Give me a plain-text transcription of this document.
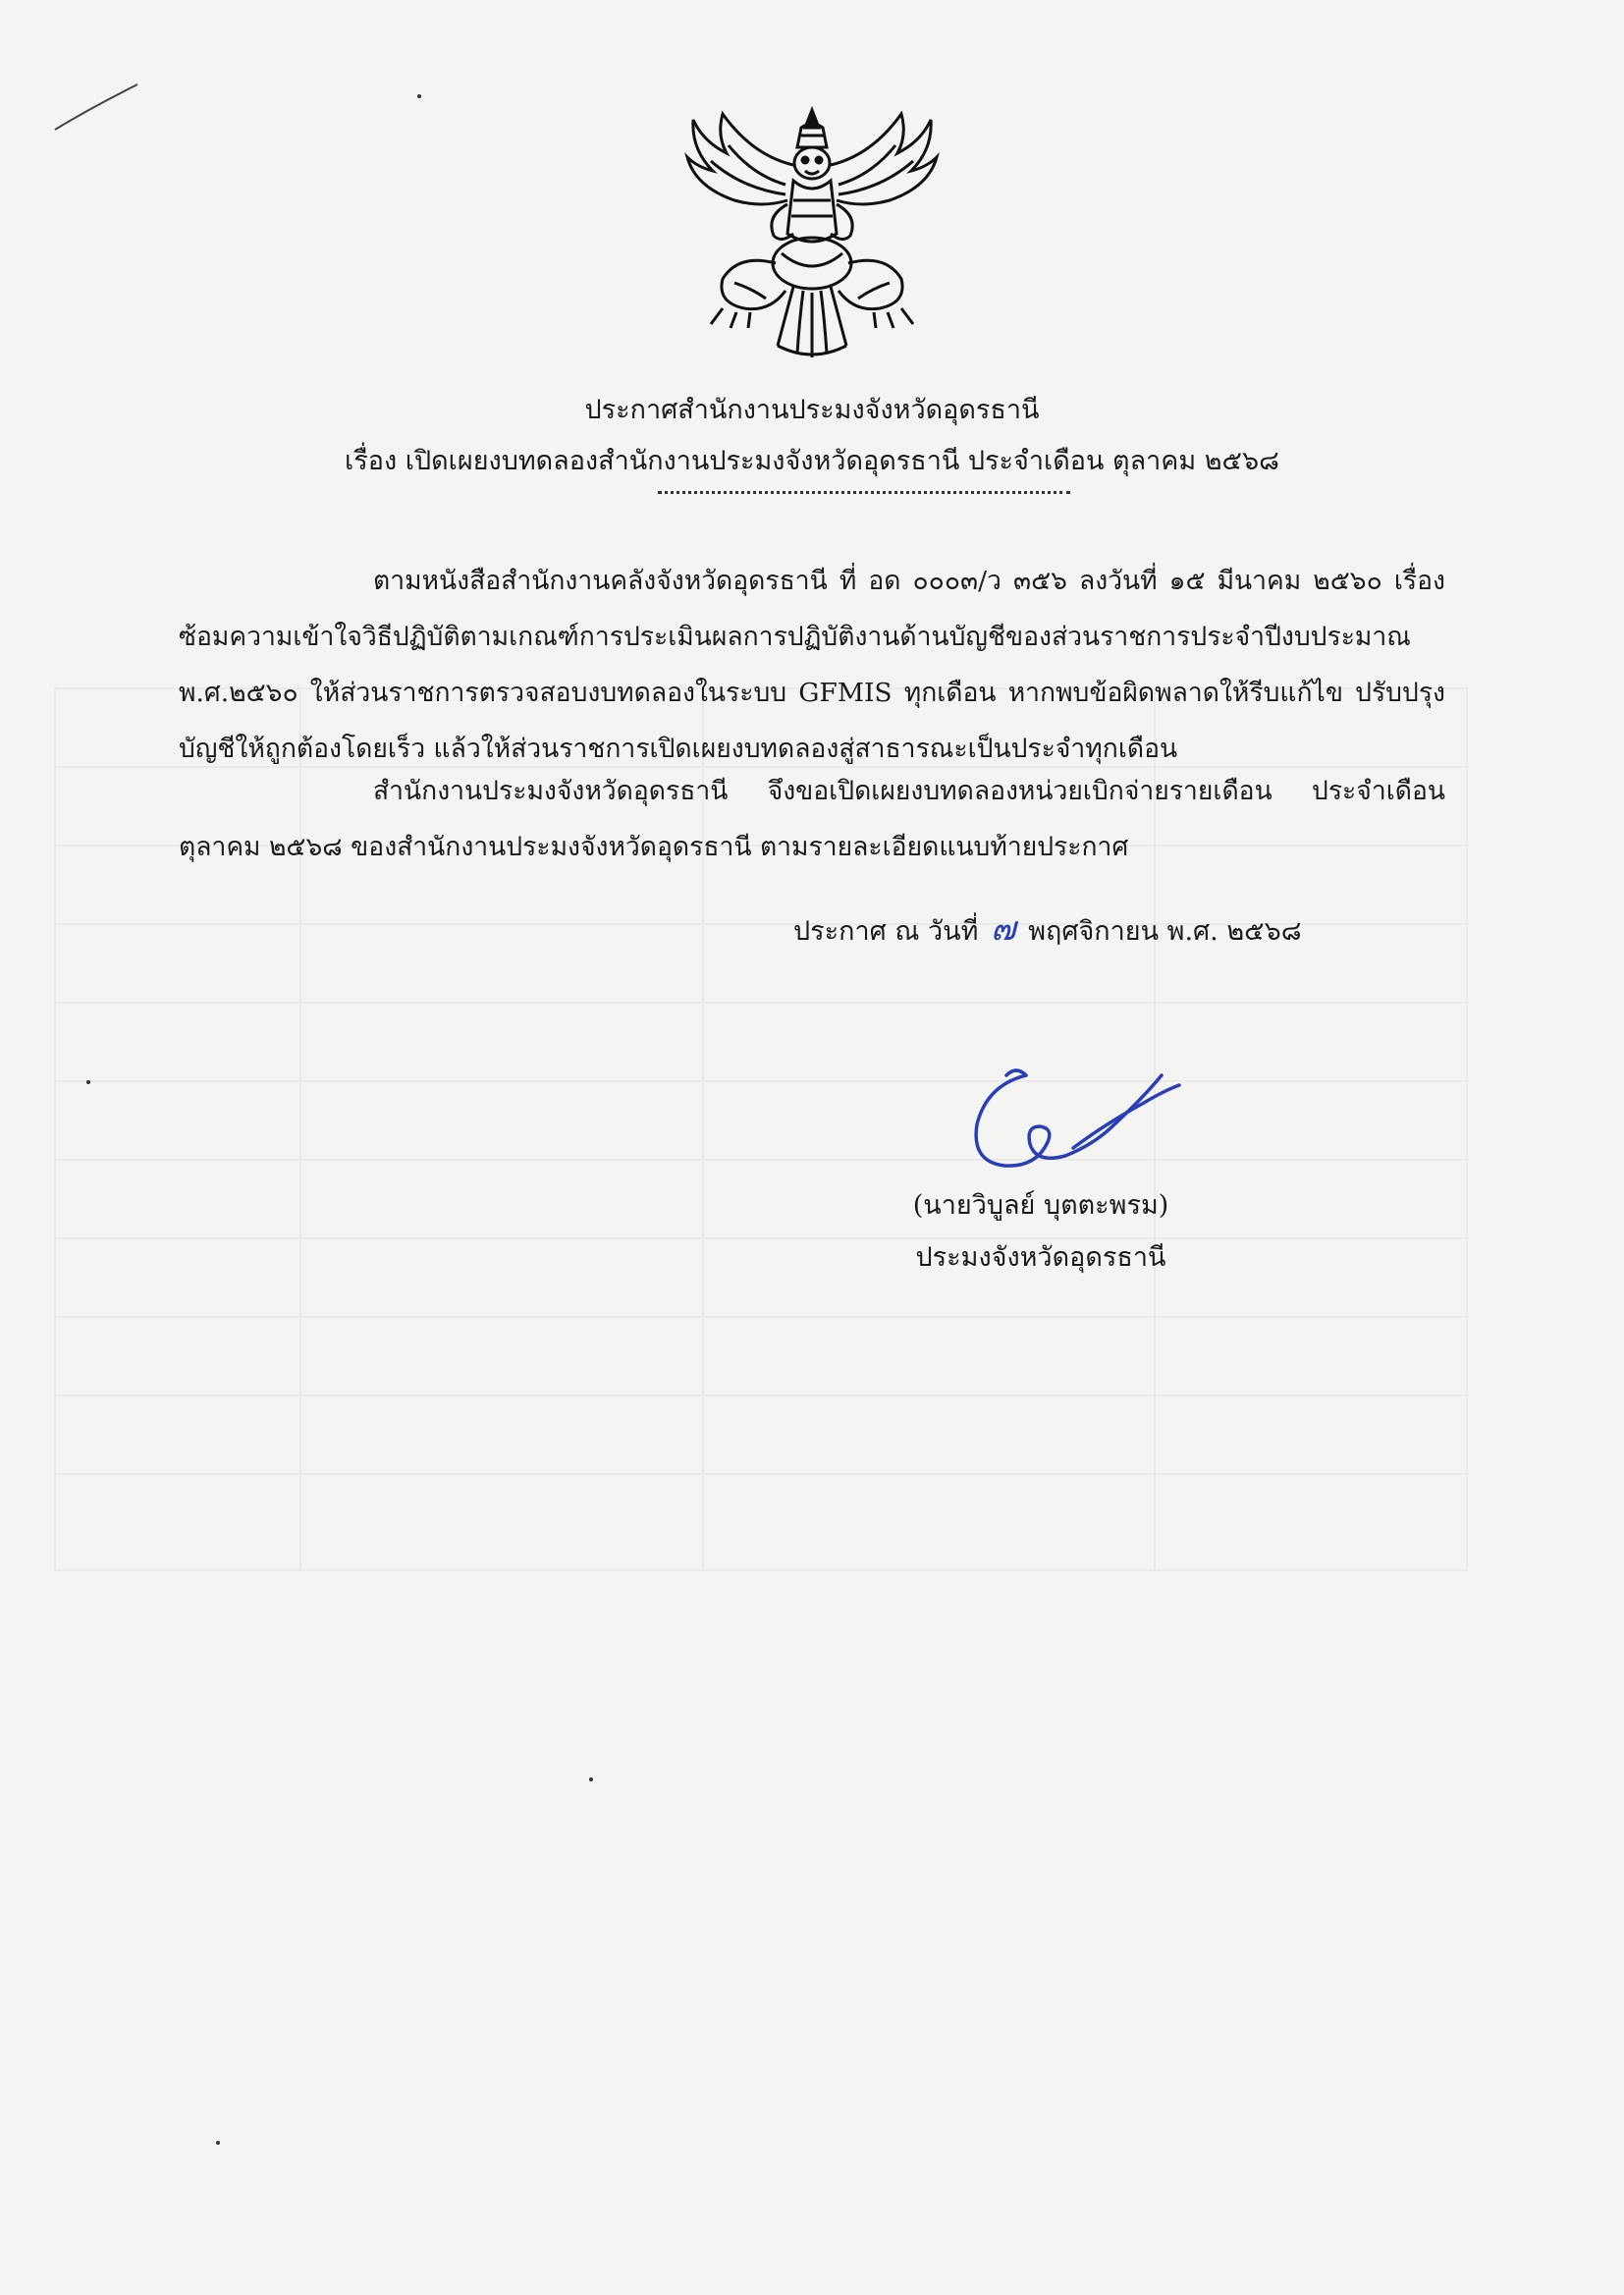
ประกาศสำนักงานประมงจังหวัดอุดรธานี
เรื่อง เปิดเผยงบทดลองสำนักงานประมงจังหวัดอุดรธานี ประจำเดือน ตุลาคม ๒๕๖๘
ตามหนังสือสำนักงานคลังจังหวัดอุดรธานี ที่ อด ๐๐๐๓/ว ๓๕๖ ลงวันที่ ๑๕ มีนาคม ๒๕๖๐ เรื่อง ซ้อมความเข้าใจวิธีปฏิบัติตามเกณฑ์การประเมินผลการปฏิบัติงานด้านบัญชีของส่วนราชการประจำปีงบประมาณ พ.ศ.๒๕๖๐ ให้ส่วนราชการตรวจสอบงบทดลองในระบบ GFMIS ทุกเดือน หากพบข้อผิดพลาดให้รีบแก้ไข ปรับปรุงบัญชีให้ถูกต้องโดยเร็ว แล้วให้ส่วนราชการเปิดเผยงบทดลองสู่สาธารณะเป็นประจำทุกเดือน
สำนักงานประมงจังหวัดอุดรธานี จึงขอเปิดเผยงบทดลองหน่วยเบิกจ่ายรายเดือน ประจำเดือน ตุลาคม ๒๕๖๘ ของสำนักงานประมงจังหวัดอุดรธานี ตามรายละเอียดแนบท้ายประกาศ
ประกาศ ณ วันที่ ๗ พฤศจิกายน พ.ศ. ๒๕๖๘
(นายวิบูลย์ บุตตะพรม)
ประมงจังหวัดอุดรธานี
